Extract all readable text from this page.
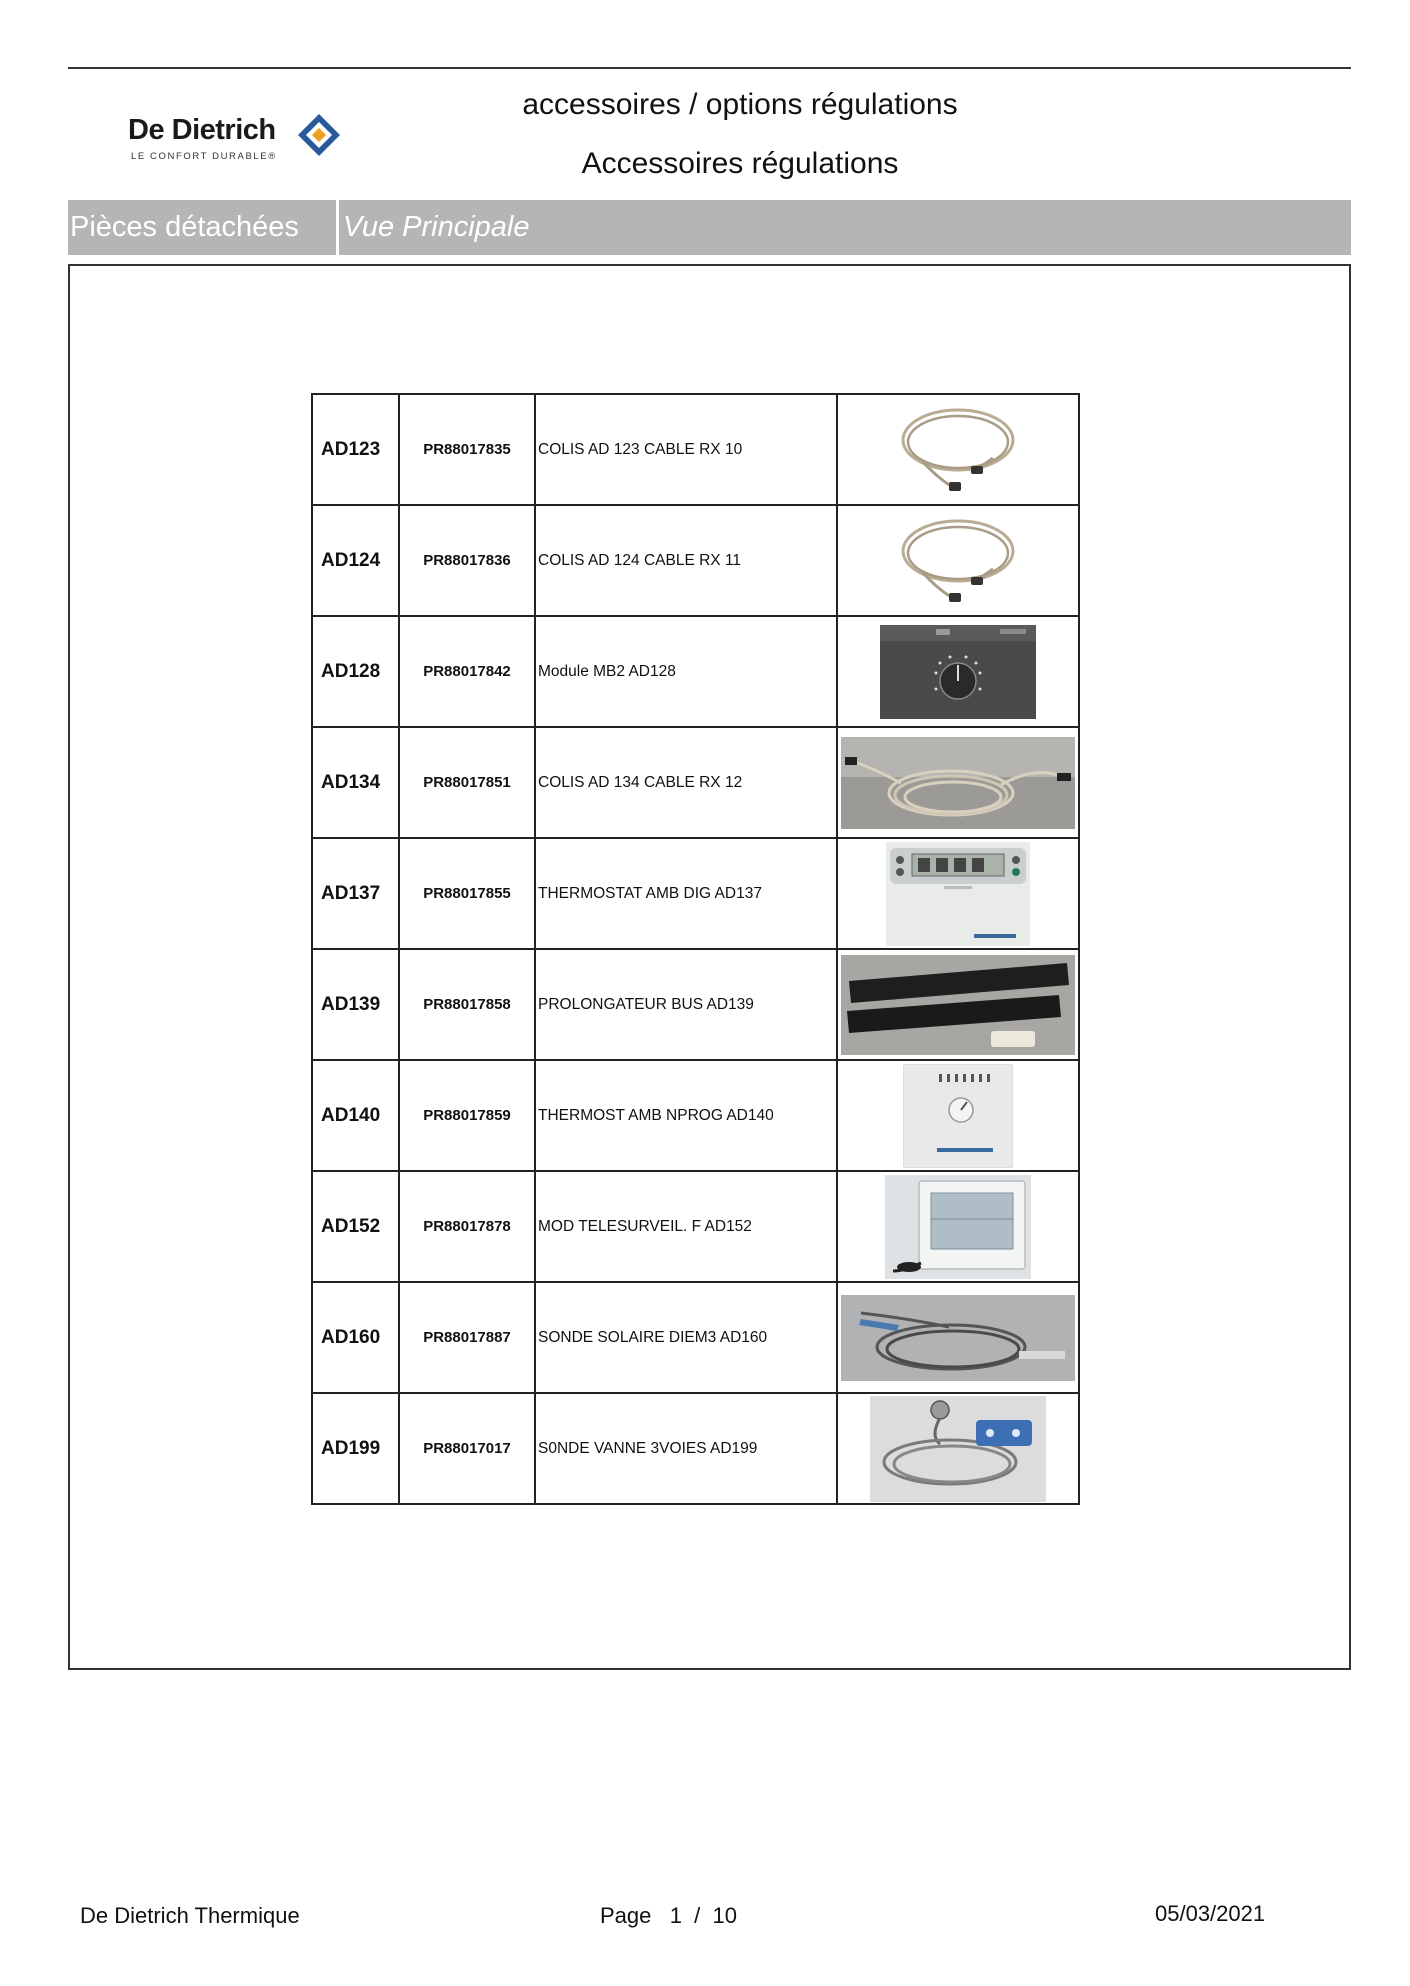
De Dietrich
LE CONFORT DURABLE®
accessoires / options régulations
Accessoires régulations
Pièces détachées	Vue Principale
AD123	PR88017835	COLIS AD 123 CABLE RX 10	

AD124	PR88017836	COLIS AD 124 CABLE RX 11	

AD128	PR88017842	Module MB2 AD128	

AD134	PR88017851	COLIS AD 134 CABLE RX 12	

AD137	PR88017855	THERMOSTAT AMB DIG AD137	

AD139	PR88017858	PROLONGATEUR BUS AD139	

AD140	PR88017859	THERMOST AMB NPROG AD140	

AD152	PR88017878	MOD TELESURVEIL. F AD152	

AD160	PR88017887	SONDE SOLAIRE DIEM3 AD160	

AD199	PR88017017	S0NDE VANNE 3VOIES AD199	
De Dietrich Thermique	Page   1  /  10	05/03/2021
